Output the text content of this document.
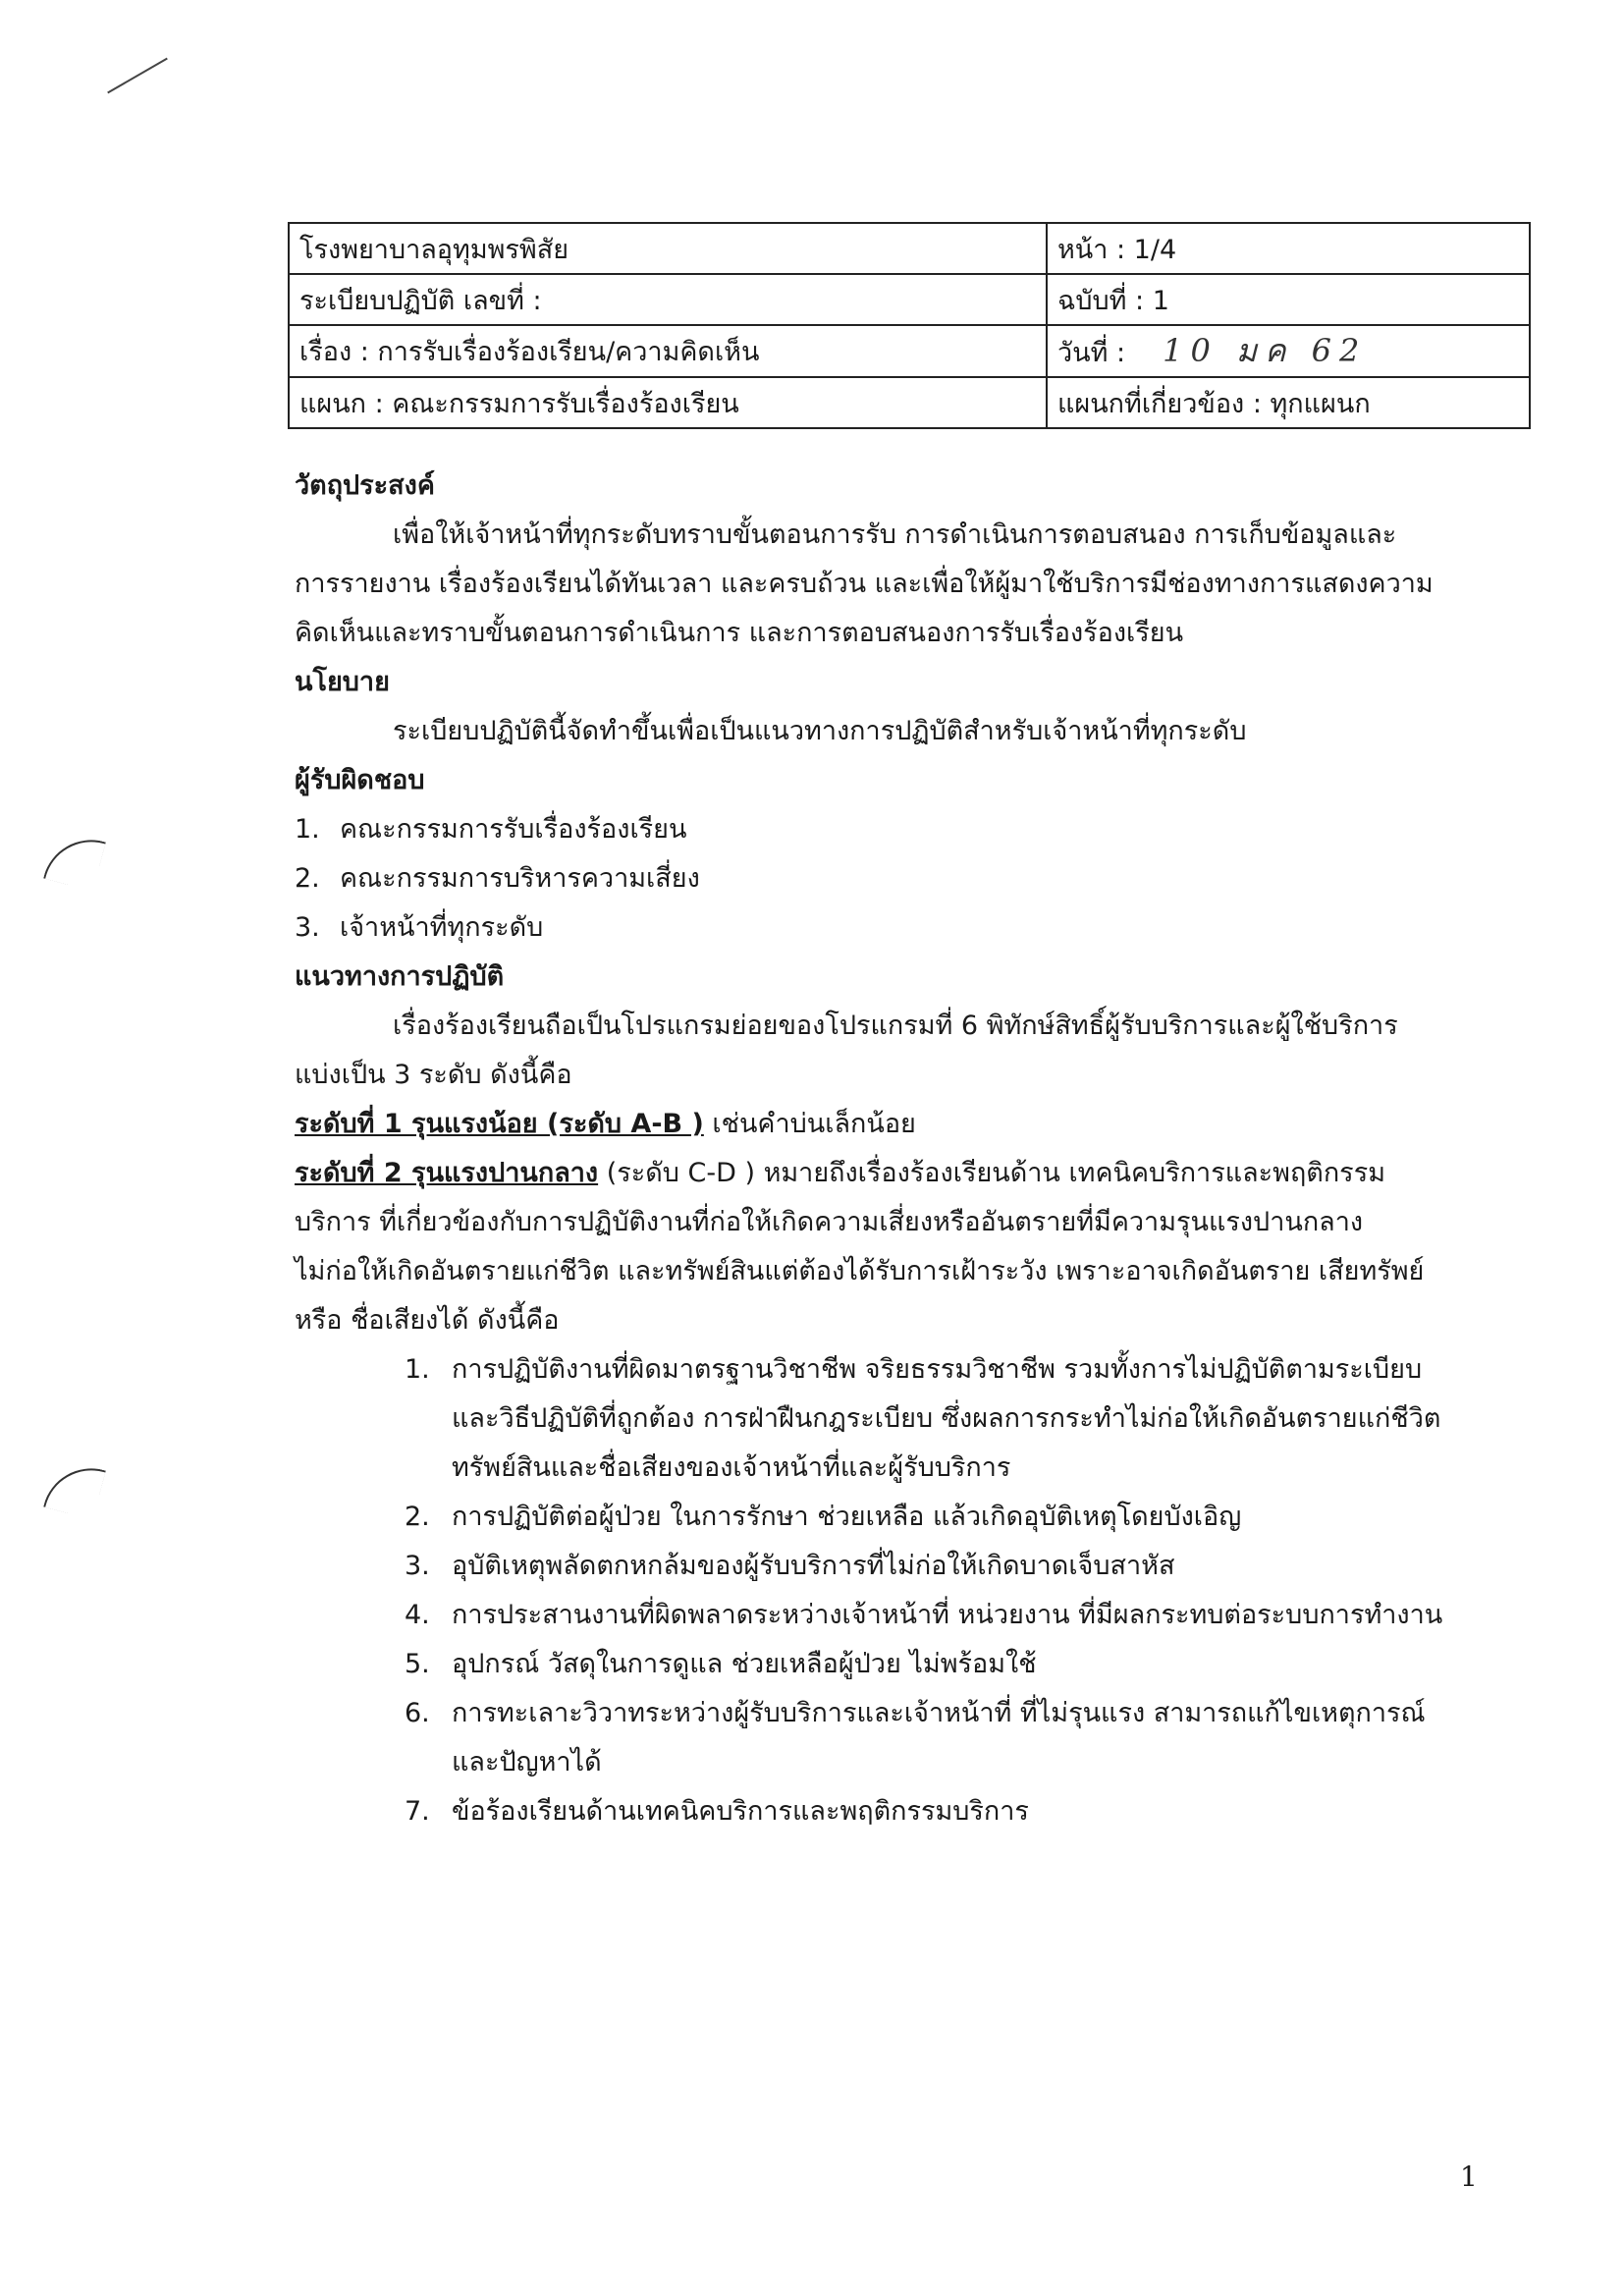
โรงพยาบาลอุทุมพรพิสัย	หน้า : 1/4
ระเบียบปฏิบัติ เลขที่ :	ฉบับที่ : 1
เรื่อง : การรับเรื่องร้องเรียน/ความคิดเห็น	วันที่ : 10 มค 62
แผนก : คณะกรรมการรับเรื่องร้องเรียน	แผนกที่เกี่ยวข้อง : ทุกแผนก
วัตถุประสงค์
เพื่อให้เจ้าหน้าที่ทุกระดับทราบขั้นตอนการรับ การดำเนินการตอบสนอง การเก็บข้อมูลและ
การรายงาน เรื่องร้องเรียนได้ทันเวลา และครบถ้วน และเพื่อให้ผู้มาใช้บริการมีช่องทางการแสดงความ
คิดเห็นและทราบขั้นตอนการดำเนินการ และการตอบสนองการรับเรื่องร้องเรียน
นโยบาย
ระเบียบปฏิบัตินี้จัดทำขึ้นเพื่อเป็นแนวทางการปฏิบัติสำหรับเจ้าหน้าที่ทุกระดับ
ผู้รับผิดชอบ
1. คณะกรรมการรับเรื่องร้องเรียน
2. คณะกรรมการบริหารความเสี่ยง
3. เจ้าหน้าที่ทุกระดับ
แนวทางการปฏิบัติ
เรื่องร้องเรียนถือเป็นโปรแกรมย่อยของโปรแกรมที่ 6 พิทักษ์สิทธิ์ผู้รับบริการและผู้ใช้บริการ
แบ่งเป็น 3 ระดับ ดังนี้คือ
ระดับที่ 1 รุนแรงน้อย (ระดับ A-B ) เช่นคำบ่นเล็กน้อย
ระดับที่ 2 รุนแรงปานกลาง (ระดับ C-D ) หมายถึงเรื่องร้องเรียนด้าน เทคนิคบริการและพฤติกรรม
บริการ ที่เกี่ยวข้องกับการปฏิบัติงานที่ก่อให้เกิดความเสี่ยงหรืออันตรายที่มีความรุนแรงปานกลาง
ไม่ก่อให้เกิดอันตรายแก่ชีวิต และทรัพย์สินแต่ต้องได้รับการเฝ้าระวัง เพราะอาจเกิดอันตราย เสียทรัพย์
หรือ ชื่อเสียงได้ ดังนี้คือ
1. การปฏิบัติงานที่ผิดมาตรฐานวิชาชีพ จริยธรรมวิชาชีพ รวมทั้งการไม่ปฏิบัติตามระเบียบ
และวิธีปฏิบัติที่ถูกต้อง การฝ่าฝืนกฎระเบียบ ซึ่งผลการกระทำไม่ก่อให้เกิดอันตรายแก่ชีวิต
ทรัพย์สินและชื่อเสียงของเจ้าหน้าที่และผู้รับบริการ
2. การปฏิบัติต่อผู้ป่วย ในการรักษา ช่วยเหลือ แล้วเกิดอุบัติเหตุโดยบังเอิญ
3. อุบัติเหตุพลัดตกหกล้มของผู้รับบริการที่ไม่ก่อให้เกิดบาดเจ็บสาหัส
4. การประสานงานที่ผิดพลาดระหว่างเจ้าหน้าที่ หน่วยงาน ที่มีผลกระทบต่อระบบการทำงาน
5. อุปกรณ์ วัสดุในการดูแล ช่วยเหลือผู้ป่วย ไม่พร้อมใช้
6. การทะเลาะวิวาทระหว่างผู้รับบริการและเจ้าหน้าที่ ที่ไม่รุนแรง สามารถแก้ไขเหตุการณ์
และปัญหาได้
7. ข้อร้องเรียนด้านเทคนิคบริการและพฤติกรรมบริการ
1
